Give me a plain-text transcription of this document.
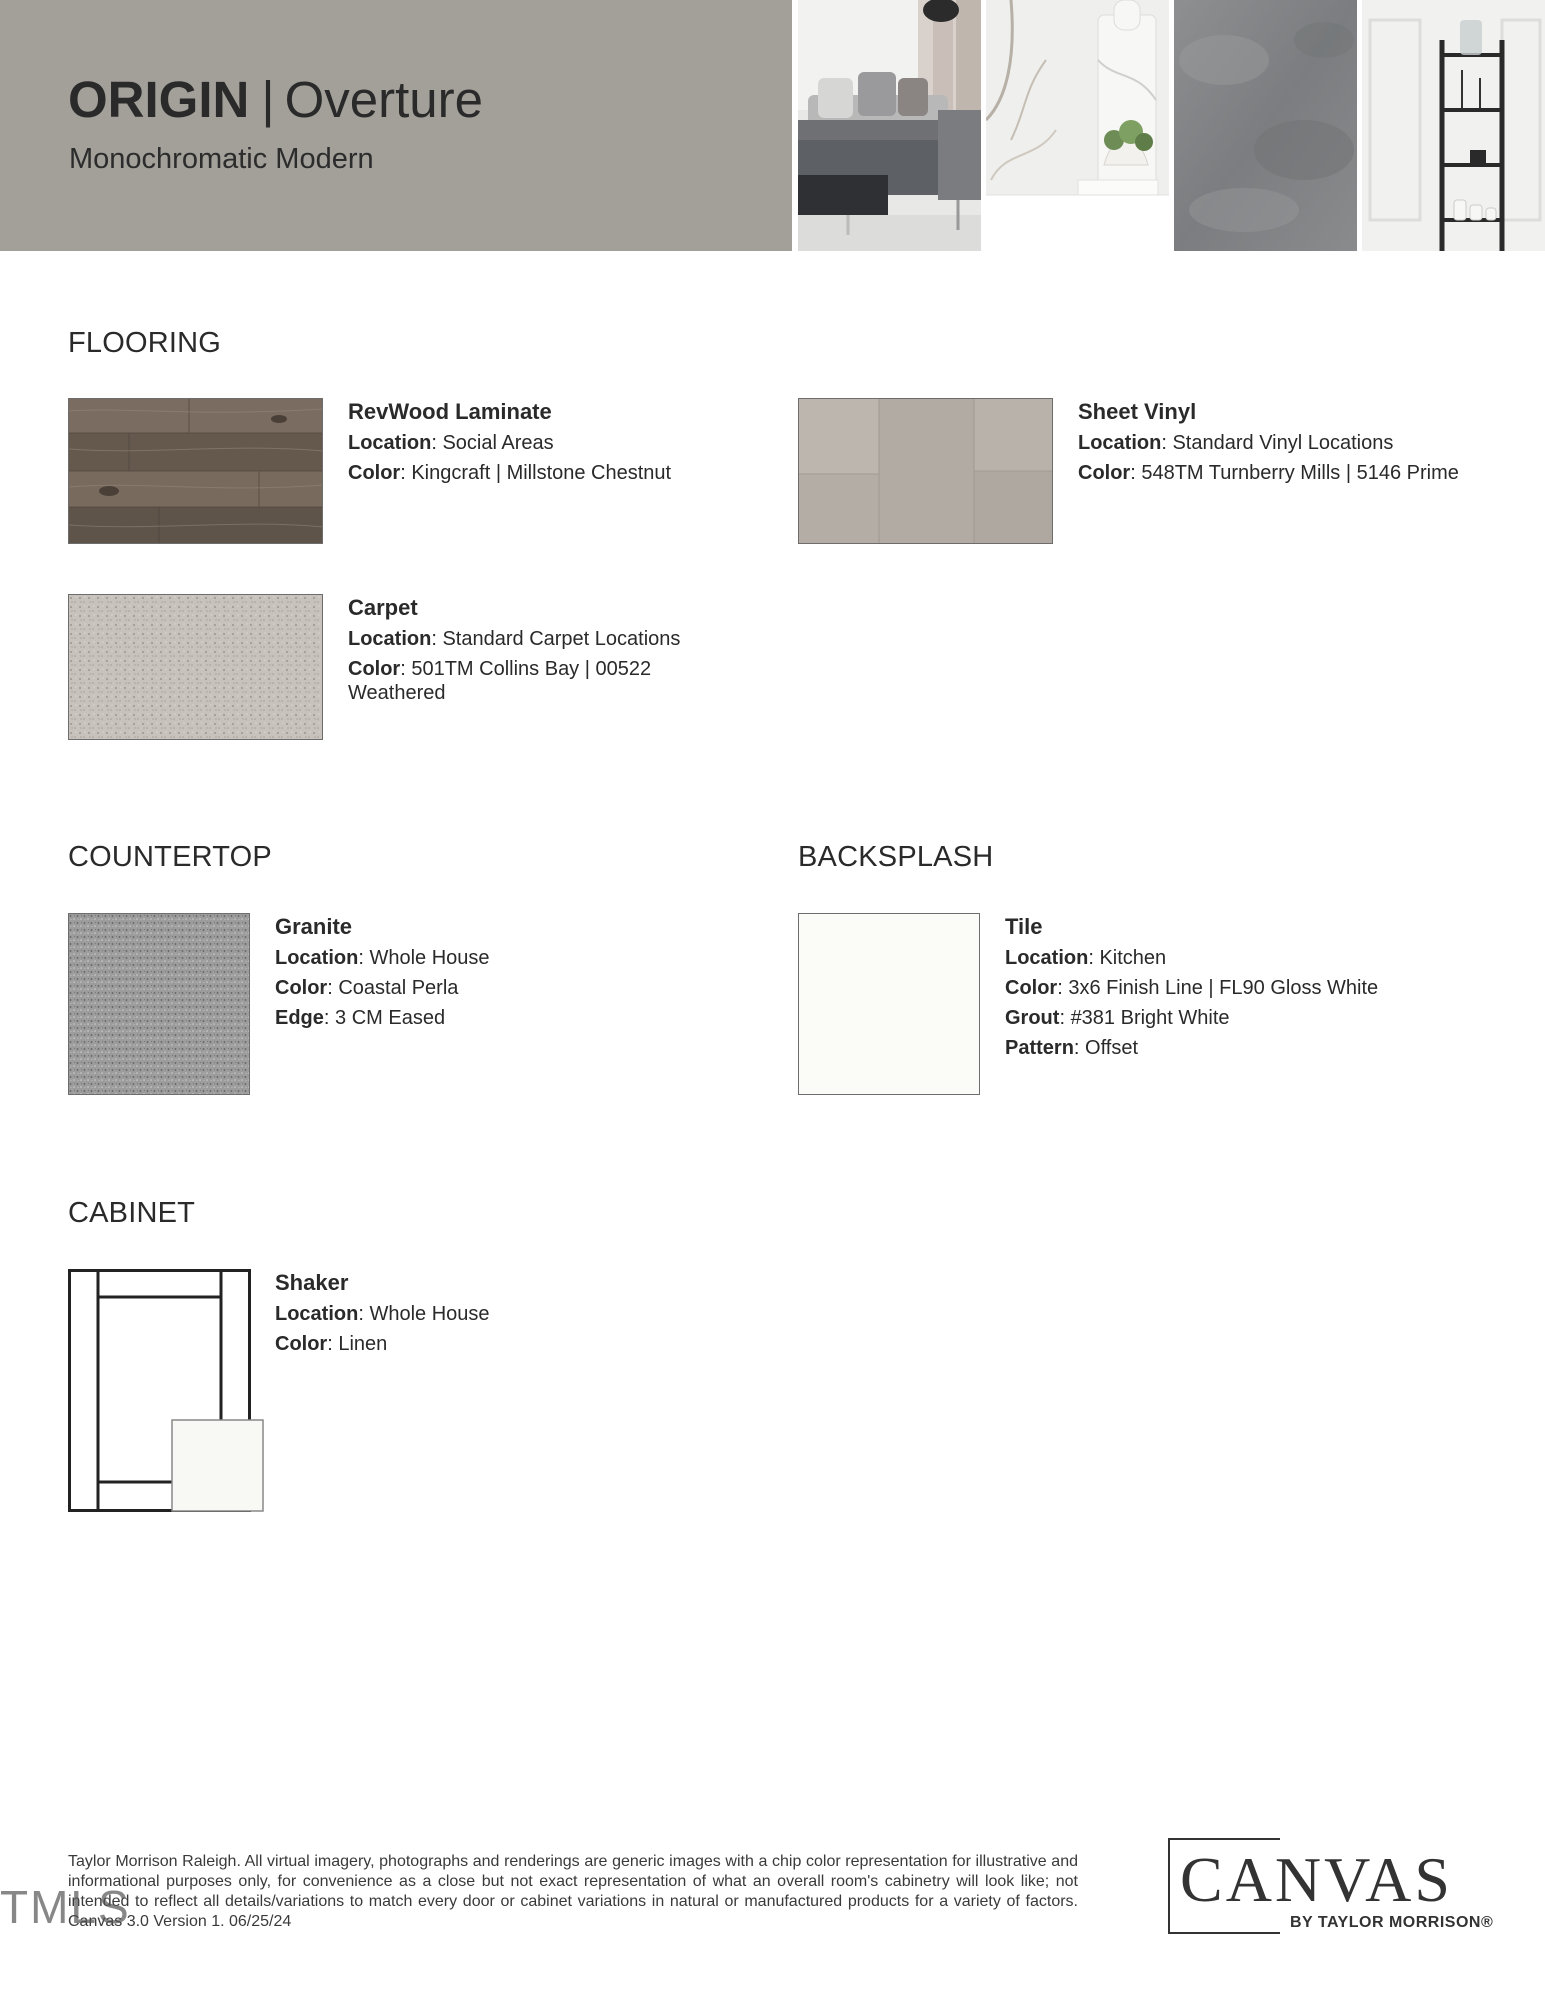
ORIGIN | Overture
Monochromatic Modern
FLOORING
RevWood Laminate
Location: Social Areas
Color: Kingcraft | Millstone Chestnut
Sheet Vinyl
Location: Standard Vinyl Locations
Color: 548TM Turnberry Mills | 5146 Prime
Carpet
Location: Standard Carpet Locations
Color: 501TM Collins Bay | 00522
Weathered
COUNTERTOP
Granite
Location: Whole House
Color: Coastal Perla
Edge: 3 CM Eased
BACKSPLASH
Tile
Location: Kitchen
Color: 3x6 Finish Line | FL90 Gloss White
Grout: #381 Bright White
Pattern: Offset
CABINET
Shaker
Location: Whole House
Color: Linen
Taylor Morrison Raleigh. All virtual imagery, photographs and renderings are generic images with a chip color representation for illustrative and informational purposes only, for convenience as a close but not exact representation of what an overall room's cabinetry will look like; not intended to reflect all details/variations to match every door or cabinet variations in natural or manufactured products for a variety of factors. Canvas 3.0 Version 1. 06/25/24
CANVAS
BY TAYLOR MORRISON®
TMLS
